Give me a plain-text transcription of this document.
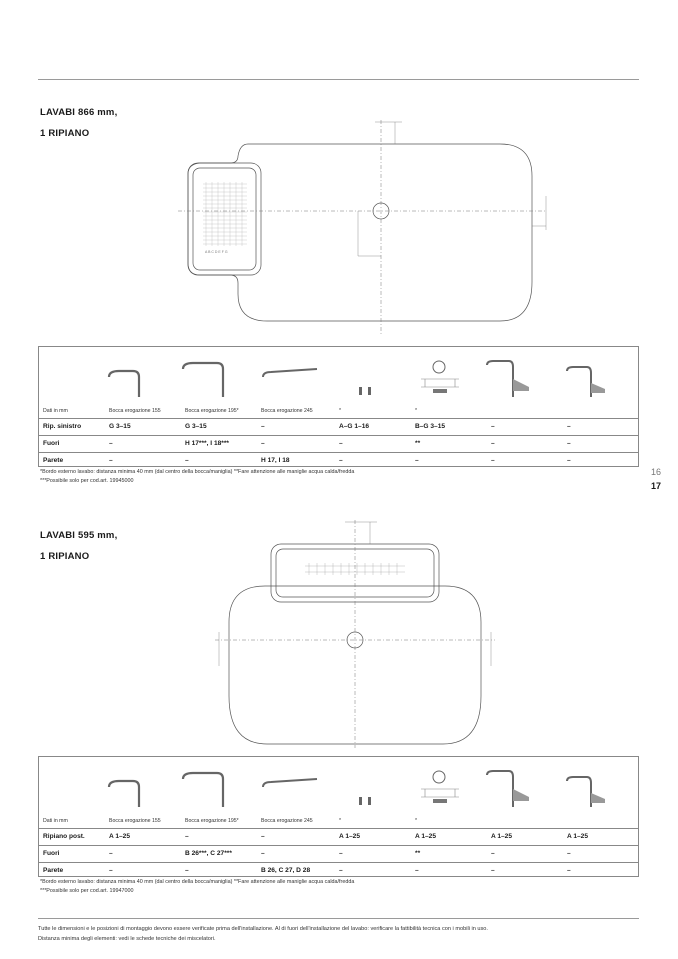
LAVABI 866 mm,
1 RIPIANO
A B C D E F G
Dati in mm	Bocca erogazione 155	Bocca erogazione 195*	Bocca erogazione 245	*	*
Rip. sinistro	G 3–15	G 3–15	–	A–G 1–16	B–G 3–15	–	–
Fuori	–	H 17***, I 18***	–	–	**	–	–
Parete	–	–	H 17, I 18	–	–	–	–
*Bordo esterno lavabo: distanza minima 40 mm (dal centro della bocca/maniglia) **Fare attenzione alle maniglie acqua calda/fredda
***Possibile solo per cod.art. 19945000
16
17
LAVABI 595 mm,
1 RIPIANO
Dati in mm	Bocca erogazione 155	Bocca erogazione 195*	Bocca erogazione 245	*	*
Ripiano post.	A 1–25	–	–	A 1–25	A 1–25	A 1–25	A 1–25
Fuori	–	B 26***, C 27***	–	–	**	–	–
Parete	–	–	B 26, C 27, D 28	–	–	–	–
*Bordo esterno lavabo: distanza minima 40 mm (dal centro della bocca/maniglia) **Fare attenzione alle maniglie acqua calda/fredda
***Possibile solo per cod.art. 19947000
Tutte le dimensioni e le posizioni di montaggio devono essere verificate prima dell'installazione. Al di fuori dell'installazione del lavabo: verificare la fattibilità tecnica con i mobili in uso.
Distanza minima degli elementi: vedi le schede tecniche dei miscelatori.
